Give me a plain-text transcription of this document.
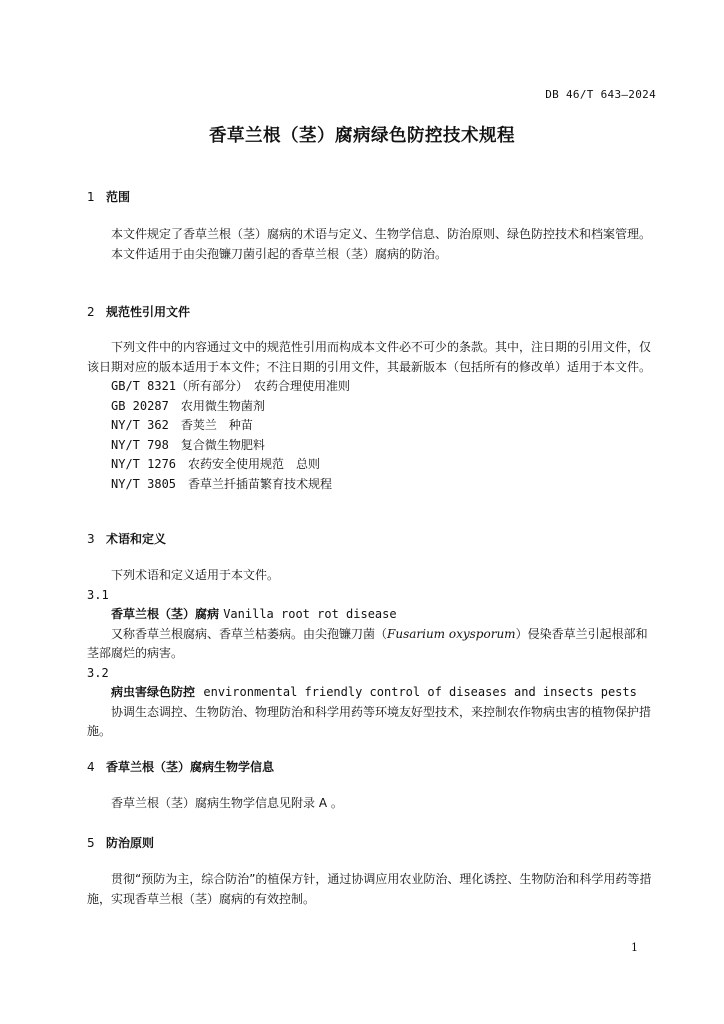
DB 46/T 643—2024
香草兰根（茎）腐病绿色防控技术规程
1 范围

本文件规定了香草兰根（茎）腐病的术语与定义、生物学信息、防治原则、绿色防控技术和档案管理。

本文件适用于由尖孢镰刀菌引起的香草兰根（茎）腐病的防治。

2 规范性引用文件

下列文件中的内容通过文中的规范性引用而构成本文件必不可少的条款。其中，注日期的引用文件，仅该日期对应的版本适用于本文件；不注日期的引用文件，其最新版本（包括所有的修改单）适用于本文件。

GB/T 8321（所有部分）　 农药合理使用准则

GB 20287　 农用微生物菌剂

NY/T 362　 香荚兰　种苗

NY/T 798　 复合微生物肥料

NY/T 1276　 农药安全使用规范　总则

NY/T 3805　 香草兰扦插苗繁育技术规程

3 术语和定义

下列术语和定义适用于本文件。

3.1

香草兰根（茎）腐病 Vanilla root rot disease

又称香草兰根腐病、香草兰枯萎病。由尖孢镰刀菌（Fusarium oxysporum）侵染香草兰引起根部和茎部腐烂的病害。

3.2

病虫害绿色防控 environmental friendly control of diseases and insects pests

协调生态调控、生物防治、物理防治和科学用药等环境友好型技术，来控制农作物病虫害的植物保护措施。

4 香草兰根（茎）腐病生物学信息

香草兰根（茎）腐病生物学信息见附录 A 。

5 防治原则

贯彻“预防为主，综合防治”的植保方针，通过协调应用农业防治、理化诱控、生物防治和科学用药等措施，实现香草兰根（茎）腐病的有效控制。

1
